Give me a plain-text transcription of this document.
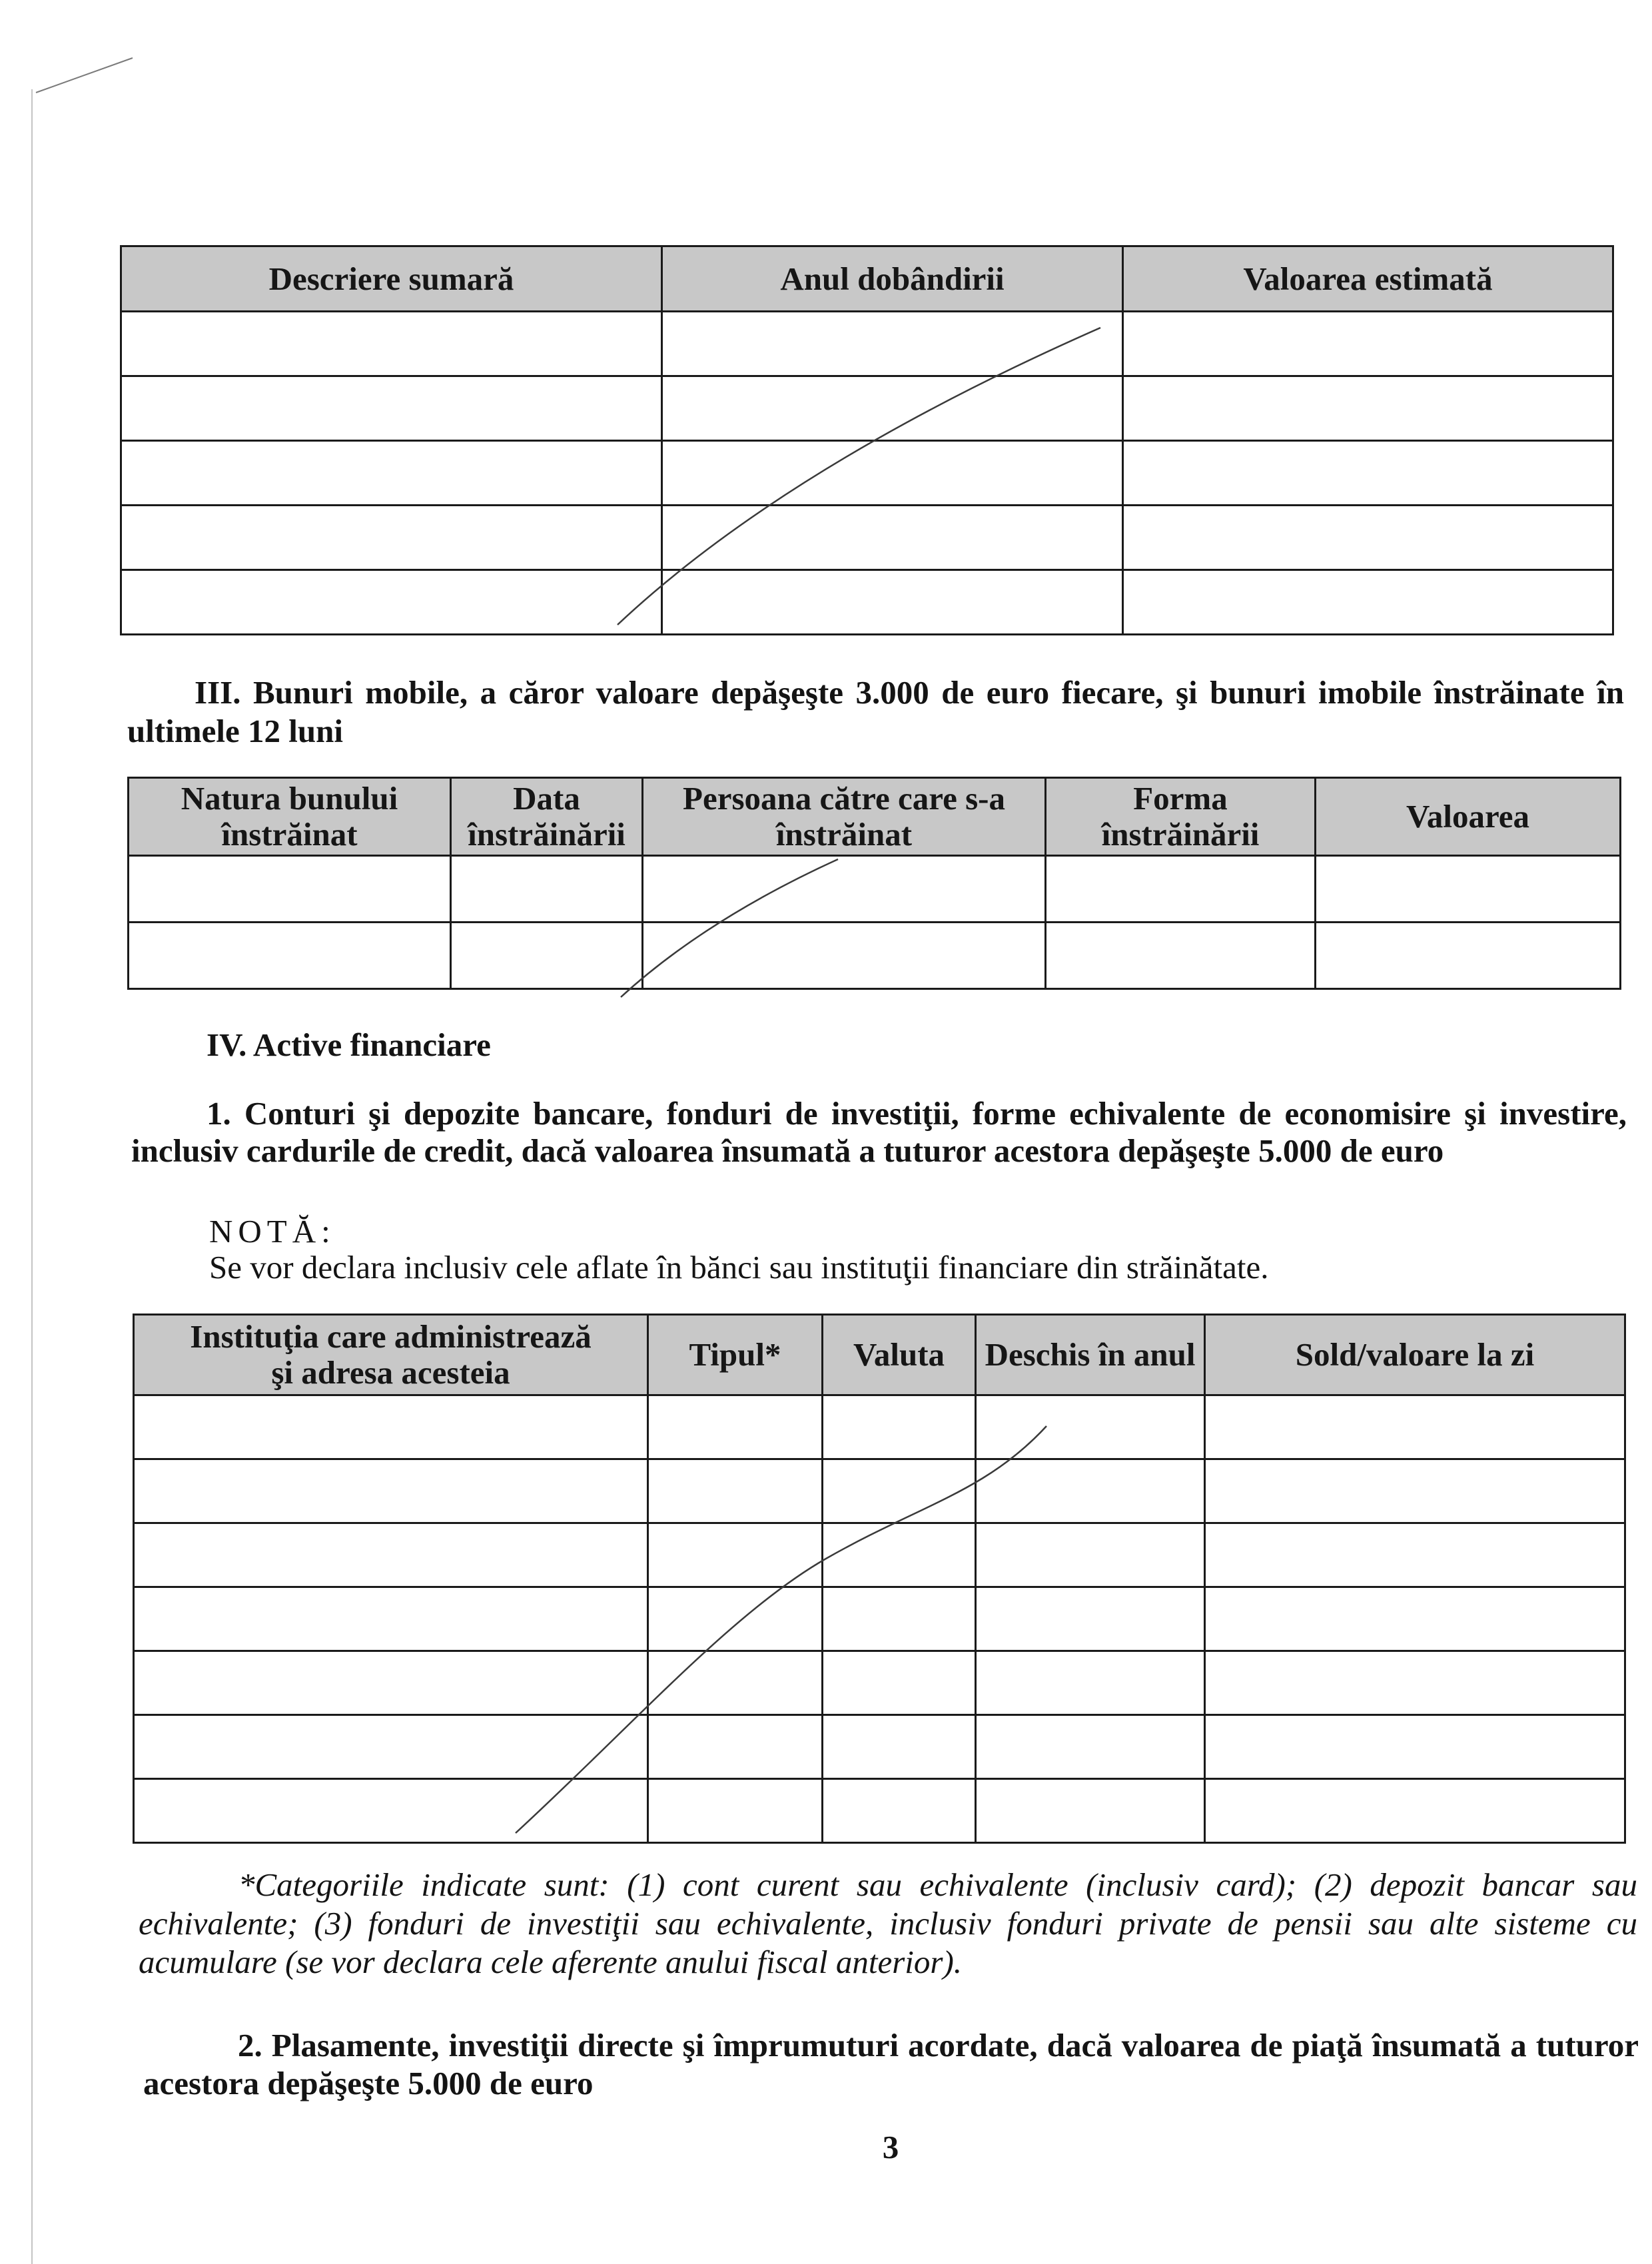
Descriere sumară	Anul dobândirii	Valoarea estimată

III. Bunuri mobile, a căror valoare depăşeşte 3.000 de euro fiecare, şi bunuri imobile înstrăinate în ultimele 12 luni

Natura bunului înstrăinat	Data înstrăinării	Persoana către care s-a înstrăinat	Forma înstrăinării	Valoarea

IV. Active financiare

1. Conturi şi depozite bancare, fonduri de investiţii, forme echivalente de economisire şi investire, inclusiv cardurile de credit, dacă valoarea însumată a tuturor acestora depăşeşte 5.000 de euro

NOTĂ:

Se vor declara inclusiv cele aflate în bănci sau instituţii financiare din străinătate.

Instituţia care administrează şi adresa acesteia	Tipul*	Valuta	Deschis în anul	Sold/valoare la zi

*Categoriile indicate sunt: (1) cont curent sau echivalente (inclusiv card); (2) depozit bancar sau echivalente; (3) fonduri de investiţii sau echivalente, inclusiv fonduri private de pensii sau alte sisteme cu acumulare (se vor declara cele aferente anului fiscal anterior).

2. Plasamente, investiţii directe şi împrumuturi acordate, dacă valoarea de piaţă însumată a tuturor acestora depăşeşte 5.000 de euro

3
